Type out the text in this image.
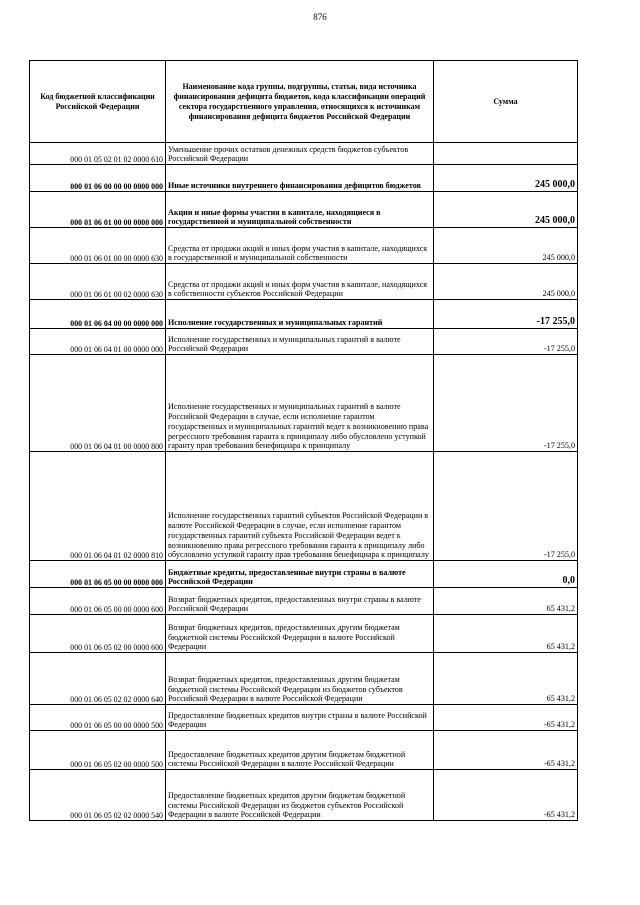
876
Код бюджетной классификации Российской Федерации	Наименование кода группы, подгруппы, статьи, вида источника финансирования дефицита бюджетов, кода классификации операций сектора государственного управления, относящихся к источникам финансирования дефицита бюджетов Российской Федерации	Сумма
000 01 05 02 01 02 0000 610	Уменьшение прочих остатков денежных средств бюджетов субъектов Российской Федерации	
000 01 06 00 00 00 0000 000	Иные источники внутреннего финансирования дефицитов бюджетов	245 000,0
000 01 06 01 00 00 0000 000	Акции и иные формы участия в капитале, находящиеся в государственной и муниципальной собственности	245 000,0
000 01 06 01 00 00 0000 630	Средства от продажи акций и иных форм участия в капитале, находящихся в государственной и муниципальной собственности	245 000,0
000 01 06 01 00 02 0000 630	Средства от продажи акций и иных форм участия в капитале, находящихся в собственности субъектов Российской Федерации	245 000,0
000 01 06 04 00 00 0000 000	Исполнение государственных и муниципальных гарантий	-17 255,0
000 01 06 04 01 00 0000 000	Исполнение государственных и муниципальных гарантий в валюте Российской Федерации	-17 255,0
000 01 06 04 01 00 0000 800	Исполнение государственных и муниципальных гарантий в валюте Российской Федерации в случае, если исполнение гарантом государственных и муниципальных гарантий ведет к возникновению права регрессного требования гаранта к принципалу либо обусловлено уступкой гаранту прав требования бенефициара к принципалу	-17 255,0
000 01 06 04 01 02 0000 810	Исполнение государственных гарантий субъектов Российской Федерации в валюте Российской Федерации в случае, если исполнение гарантом государственных гарантий субъекта Российской Федерации ведет к возникновению права регрессного требования гаранта к принципалу либо обусловлено уступкой гаранту прав требования бенефициара к принципалу	-17 255,0
000 01 06 05 00 00 0000 000	Бюджетные кредиты, предоставленные внутри страны в валюте Российской Федерации	0,0
000 01 06 05 00 00 0000 600	Возврат бюджетных кредитов, предоставленных внутри страны в валюте Российской Федерации	65 431,2
000 01 06 05 02 00 0000 600	Возврат бюджетных кредитов, предоставленных другим бюджетам бюджетной системы Российской Федерации в валюте Российской Федерации	65 431,2
000 01 06 05 02 02 0000 640	Возврат бюджетных кредитов, предоставленных другим бюджетам бюджетной системы Российской Федерации из бюджетов субъектов Российской Федерации в валюте Российской Федерации	65 431,2
000 01 06 05 00 00 0000 500	Предоставление бюджетных кредитов внутри страны в валюте Российской Федерации	-65 431,2
000 01 06 05 02 00 0000 500	Предоставление бюджетных кредитов другим бюджетам бюджетной системы Российской Федерации в валюте Российской Федерации	-65 431,2
000 01 06 05 02 02 0000 540	Предоставление бюджетных кредитов другим бюджетам бюджетной системы Российской Федерации из бюджетов субъектов Российской Федерации в валюте Российской Федерации	-65 431,2
